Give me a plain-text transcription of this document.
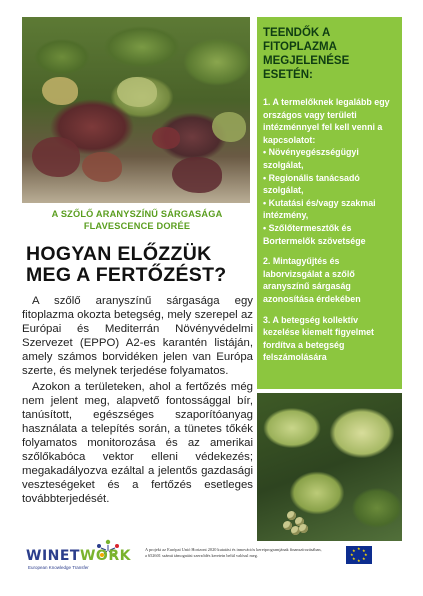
A SZŐLŐ ARANYSZÍNŰ SÁRGASÁGA
FLAVESCENCE DORÉE
HOGYAN ELŐZZÜK
MEG A FERTŐZÉST?

A szőlő aranyszínű sárgasága egy fitoplazma okozta betegség, mely szerepel az Európai és Mediterrán Növényvédelmi Szervezet (EPPO) A2-es karantén listáján, amely számos borvidéken jelen van Európa szerte, és melynek terjedése folyamatos.

Azokon a területeken, ahol a fertőzés még nem jelent meg, alapvető fontossággal bír, tanúsított, egészséges szaporítóanyag használata a telepítés során, a tünetes tőkék folyamatos monitorozása és az amerikai szőlőkabóca vektor elleni védekezés; megakadályozva ezáltal a jelentős gazdasági veszteségeket és a fertőzés esetleges továbbterjedését.

TEENDŐK A FITOPLAZMA MEGJELENÉSE ESETÉN:

1. A termelőknek legalább egy országos vagy területi intézménnyel fel kell venni a kapcsolatot:
• Növényegészségügyi szolgálat,
• Regionális tanácsadó szolgálat,
• Kutatási és/vagy szakmai intézmény,
• Szőlőtermesztők és Bortermelők szövetsége

2. Mintagyűjtés és laborvizsgálat a szőlő aranyszínű sárgaság azonosítása érdekében

3. A betegség kollektív kezelése kiemelt figyelmet fordítva a betegség felszámolására

WINETWORK
European Knowledge Transfer
A projekt az Európai Unió Horizont 2020 kutatási és innovációs keretprogramjának finanszírozásában, a 652601 számú támogatási szerződés keretein belül valósul meg.
★ ★
★
★
★
★
★
★
